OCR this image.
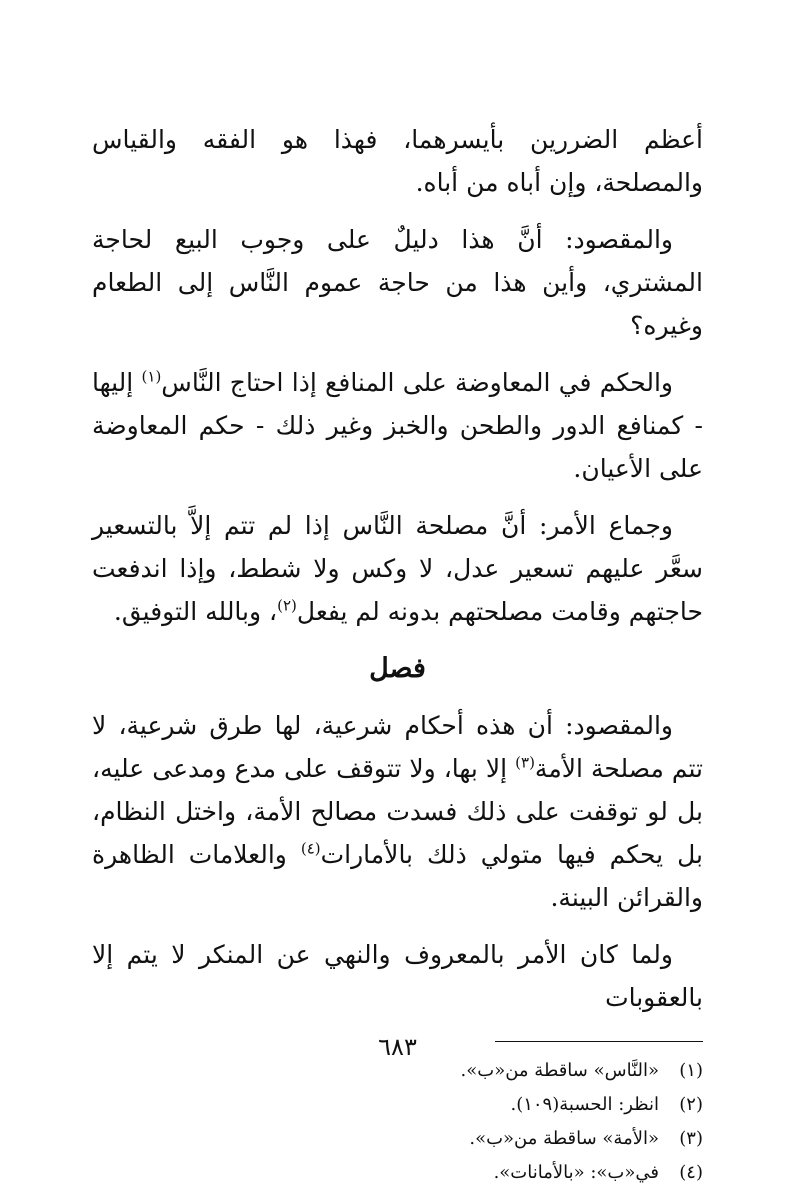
أعظم الضررين بأيسرهما، فهذا هو الفقه والقياس والمصلحة، وإن أباه من أباه.

والمقصود: أنَّ هذا دليلٌ على وجوب البيع لحاجة المشتري، وأين هذا من حاجة عموم النَّاس إلى الطعام وغيره؟

والحكم في المعاوضة على المنافع إذا احتاج النَّاس$^{(١)}$ إليها - كمنافع الدور والطحن والخبز وغير ذلك - حكم المعاوضة على الأعيان.

وجماع الأمر: أنَّ مصلحة النَّاس إذا لم تتم إلاَّ بالتسعير سعَّر عليهم تسعير عدل، لا وكس ولا شطط، وإذا اندفعت حاجتهم وقامت مصلحتهم بدونه لم يفعل$^{(٢)}$، وبالله التوفيق.

فصل

والمقصود: أن هذه أحكام شرعية، لها طرق شرعية، لا تتم مصلحة الأمة$^{(٣)}$ إلا بها، ولا تتوقف على مدع ومدعى عليه، بل لو توقفت على ذلك فسدت مصالح الأمة، واختل النظام، بل يحكم فيها متولي ذلك بالأمارات$^{(٤)}$ والعلامات الظاهرة والقرائن البينة.

ولما كان الأمر بالمعروف والنهي عن المنكر لا يتم إلا بالعقوبات

(١)
«النَّاس» ساقطة من«ب».
(٢)
انظر: الحسبة(١٠٩).
(٣)
«الأمة» ساقطة من«ب».
(٤)
في«ب»: «بالأمانات».
٦٨٣
